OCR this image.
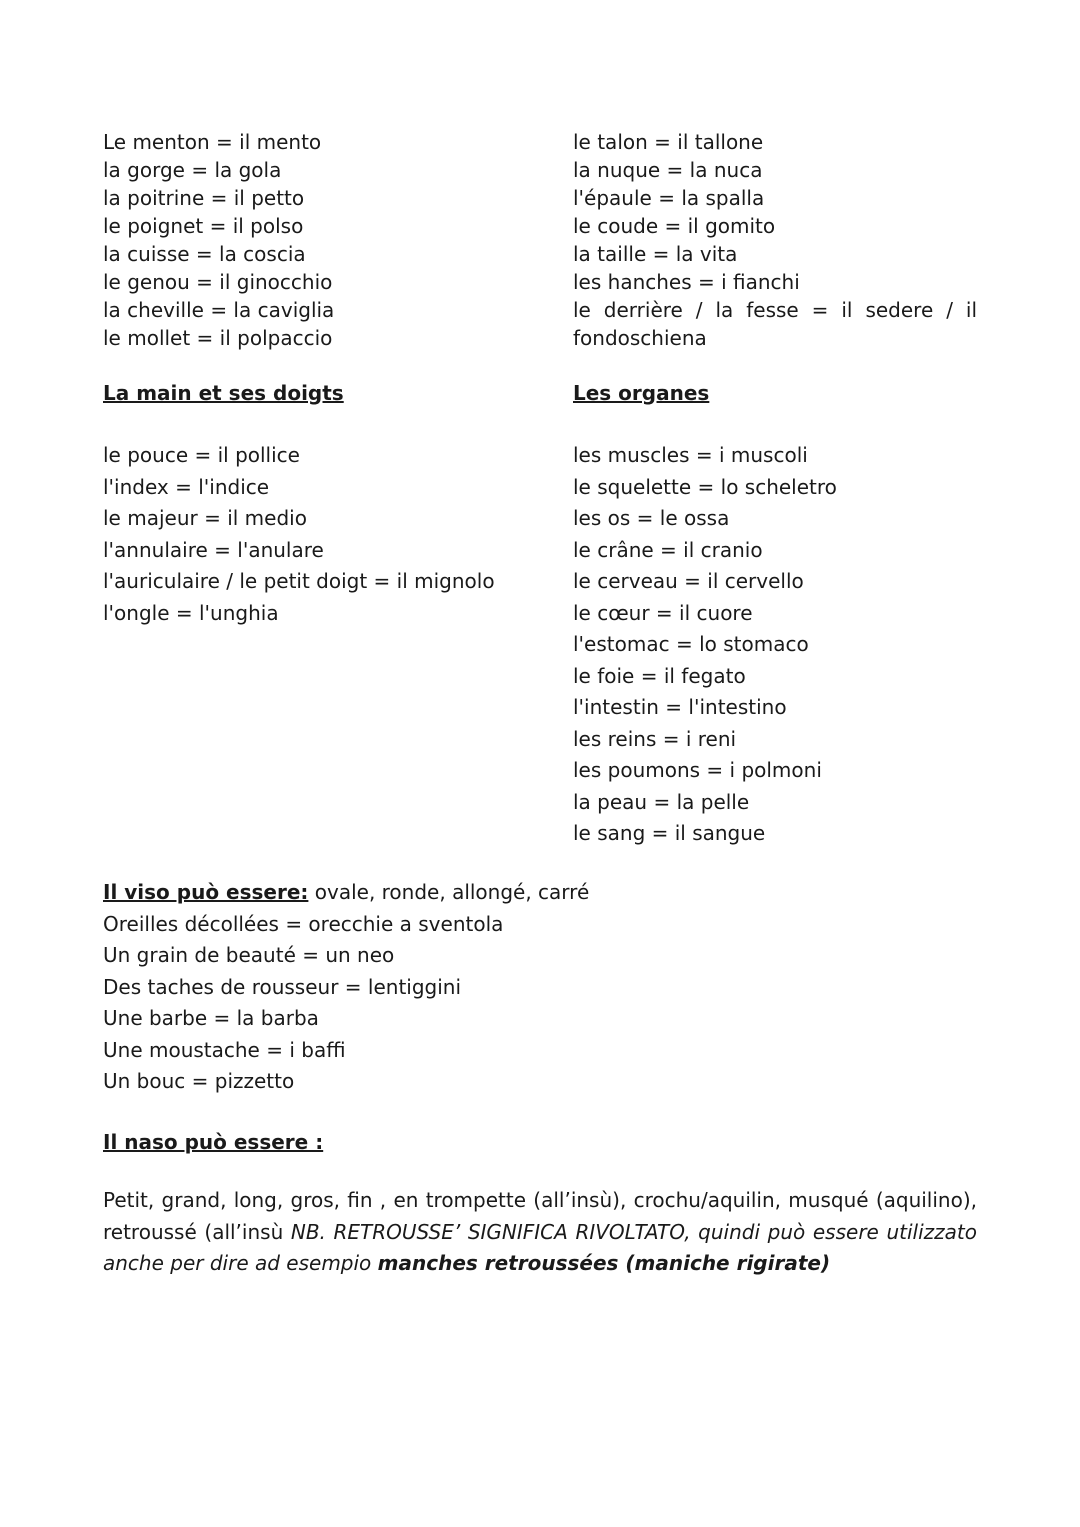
Le menton = il mento
la gorge = la gola
la poitrine = il petto
le poignet = il polso
la cuisse = la coscia
le genou = il ginocchio
la cheville = la caviglia
le mollet = il polpaccio
le talon = il tallone
la nuque = la nuca
l'épaule = la spalla
le coude = il gomito
la taille = la vita
les hanches = i fianchi
le derrière / la fesse = il sedere / il
fondoschiena
La main et ses doigts	Les organes
le pouce = il pollice
l'index = l'indice
le majeur = il medio
l'annulaire = l'anulare
l'auriculaire / le petit doigt = il mignolo
l'ongle = l'unghia
les muscles = i muscoli
le squelette = lo scheletro
les os = le ossa
le crâne = il cranio
le cerveau = il cervello
le cœur = il cuore
l'estomac = lo stomaco
le foie = il fegato
l'intestin = l'intestino
les reins = i reni
les poumons = i polmoni
la peau = la pelle
le sang = il sangue
Il viso può essere: ovale, ronde, allongé, carré
Oreilles décollées = orecchie a sventola
Un grain de beauté = un neo
Des taches de rousseur = lentiggini
Une barbe = la barba
Une moustache = i baffi
Un bouc = pizzetto
Il naso può essere :
Petit, grand, long, gros, fin , en trompette (all’insù), crochu/aquilin, musqué (aquilino), retroussé (all’insù NB. RETROUSSE’ SIGNIFICA RIVOLTATO, quindi può essere utilizzato anche per dire ad esempio manches retroussées (maniche rigirate)
